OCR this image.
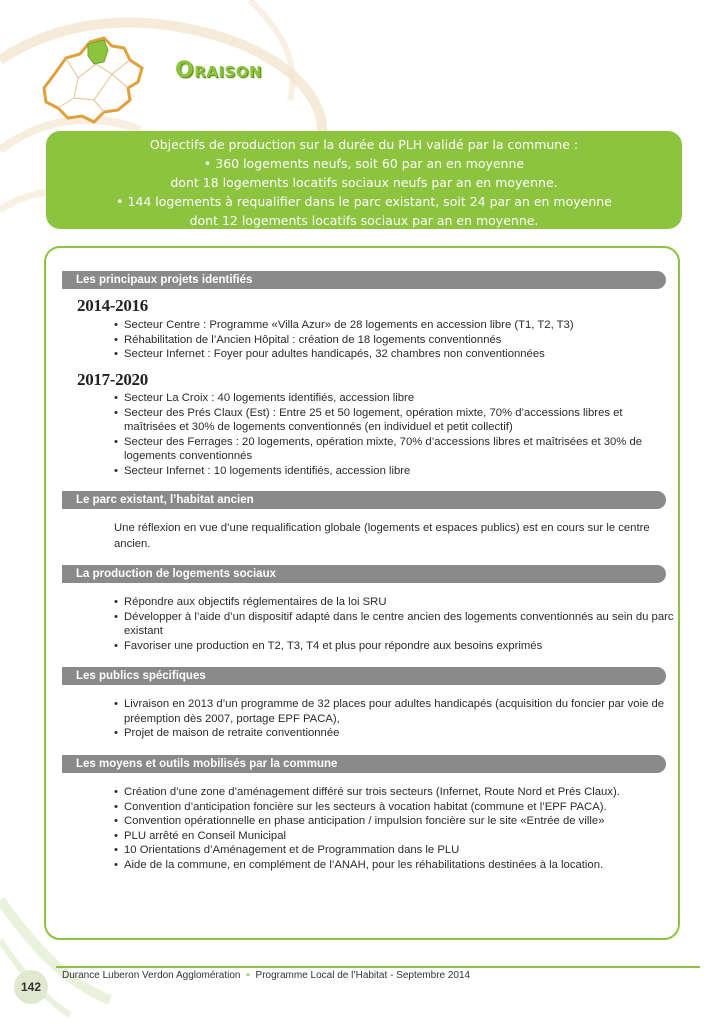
Oraison
Objectifs de production sur la durée du PLH validé par la commune :
• 360 logements neufs, soit 60 par an en moyenne
dont 18 logements locatifs sociaux neufs par an en moyenne.
• 144 logements à requalifier dans le parc existant, soit 24 par an en moyenne
dont 12 logements locatifs sociaux par an en moyenne.
Les principaux projets identifiés
2014-2016
• Secteur Centre : Programme «Villa Azur» de 28 logements en accession libre (T1, T2, T3)
• Réhabilitation de l’Ancien Hôpital : création de 18 logements conventionnés
• Secteur Infernet : Foyer pour adultes handicapés, 32 chambres non conventionnées
2017-2020
• Secteur La Croix : 40 logements identifiés, accession libre
• Secteur des Prés Claux (Est) : Entre 25 et 50 logement, opération mixte, 70% d’accessions libres et maîtrisées et 30% de logements conventionnés (en individuel et petit collectif)
• Secteur des Ferrages : 20 logements, opération mixte, 70% d’accessions libres et maîtrisées et 30% de logements conventionnés
• Secteur Infernet : 10 logements identifiés, accession libre
Le parc existant, l’habitat ancien

Une réflexion en vue d’une requalification globale (logements et espaces publics) est en cours sur le centre ancien.

La production de logements sociaux
• Répondre aux objectifs réglementaires de la loi SRU
• Développer à l’aide d’un dispositif adapté dans le centre ancien des logements conventionnés au sein du parc existant
• Favoriser une production en T2, T3, T4 et plus pour répondre aux besoins exprimés
Les publics spécifiques
• Livraison en 2013 d’un programme de 32 places pour adultes handicapés (acquisition du foncier par voie de préemption dès 2007, portage EPF PACA),
• Projet de maison de retraite conventionnée
Les moyens et outils mobilisés par la commune
• Création d’une zone d’aménagement différé sur trois secteurs (Infernet, Route Nord et Prés Claux).
• Convention d’anticipation foncière sur les secteurs à vocation habitat (commune et l’EPF PACA).
• Convention opérationnelle en phase anticipation / impulsion foncière sur le site «Entrée de ville»
• PLU arrêté en Conseil Municipal
• 10 Orientations d’Aménagement et de Programmation dans le PLU
• Aide de la commune, en complément de l’ANAH, pour les réhabilitations destinées à la location.
142
Durance Luberon Verdon Agglomération • Programme Local de l’Habitat - Septembre 2014
